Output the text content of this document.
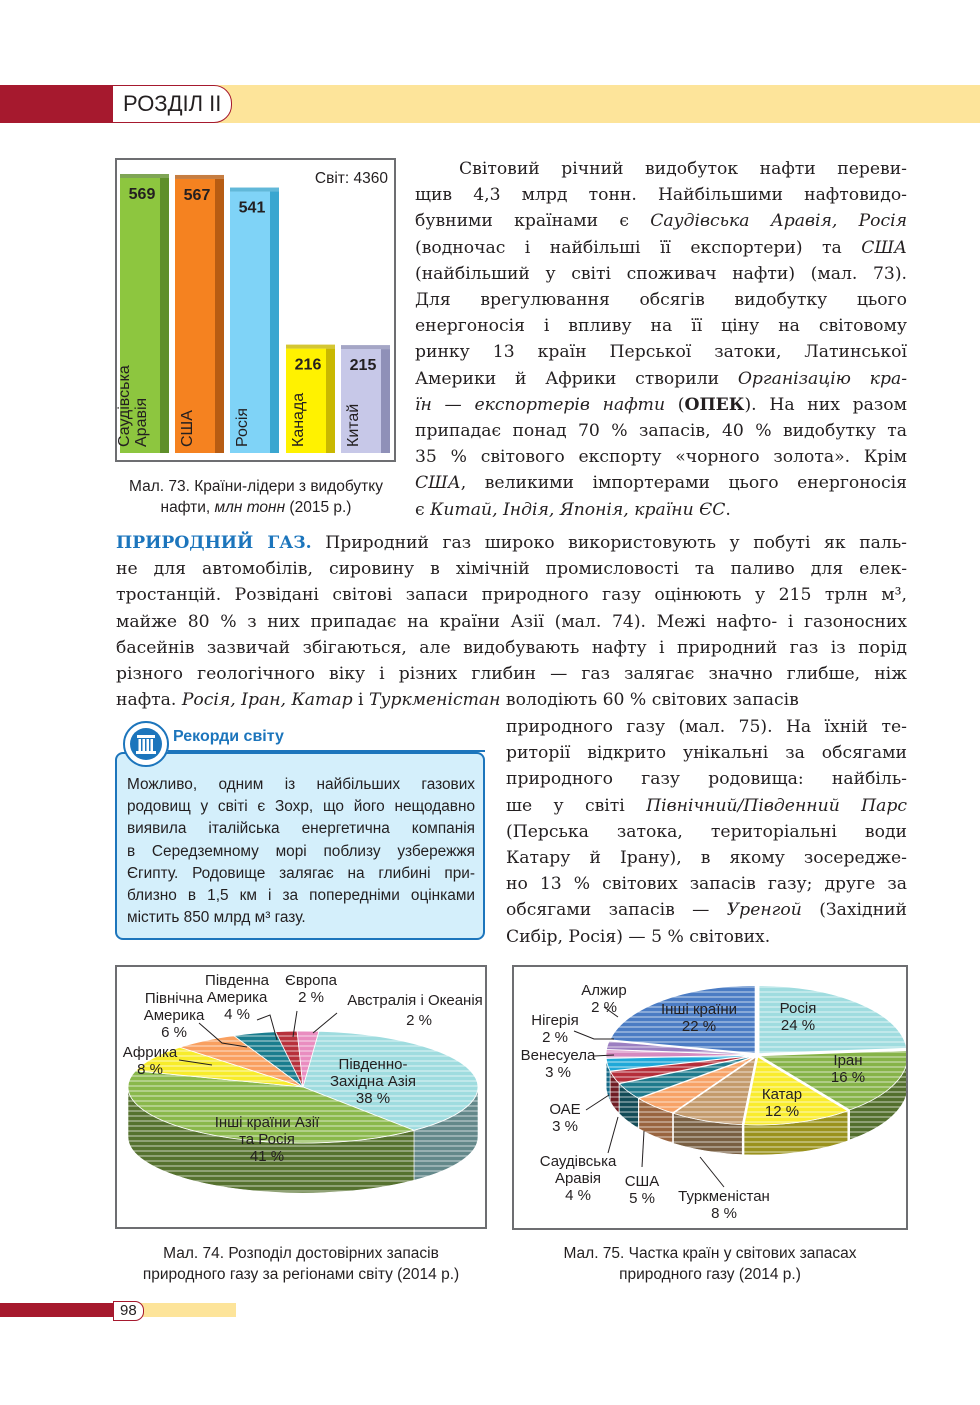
РОЗДІЛ ІІ
Світ: 4360
569
Саудівська Аравія
567
США
541
Росія
216
Канада
215
Китай
Мал. 73. Країни-лідери з видобутку
нафти, млн тонн (2015 р.)
Світовий річний видобуток нафти переви-
щив 4,3 млрд тонн. Найбільшими нафтовидо-
бувними країнами є Саудівська Аравія, Росія
(водночас і найбільші її експортери) та США
(найбільший у світі споживач нафти) (мал. 73).
Для врегулювання обсягів видобутку цього
енергоносія і впливу на її ціну на світовому
ринку 13 країн Перської затоки, Латинської
Америки й Африки створили Організацію кра-
їн — експортерів нафти (ОПЕК). На них разом
припадає понад 70 % запасів, 40 % видобутку та
35 % світового експорту «чорного золота». Крім
США, великими імпортерами цього енергоносія
є Китай, Індія, Японія, країни ЄС.
ПРИРОДНИЙ ГАЗ. Природний газ широко використовують у побуті як паль-
не для автомобілів, сировину в хімічній промисловості та паливо для елек-
тростанцій. Розвідані світові запаси природного газу оцінюють у 215 трлн м³,
майже 80 % з них припадає на країни Азії (мал. 74). Межі нафто- і газоносних
басейнів зазвичай збігаються, але видобувають нафту і природний газ із порід
різного геологічного віку і різних глибин — газ залягає значно глибше, ніж
нафта. Росія, Іран, Катар і Туркменістан володіють 60 % світових запасів
природного газу (мал. 75). На їхній те-
риторії відкрито унікальні за обсягами
природного газу родовища: найбіль-
ше у світі Північний/Південний Парс
(Перська затока, територіальні води
Катару й Ірану), в якому зосередже-
но 13 % світових запасів газу; друге за
обсягами запасів — Уренгой (Західний
Сибір, Росія) — 5 % світових.
Рекорди світу
Можливо, одним із найбільших газових
родовищ у світі є Зохр, що його нещодавно
виявила італійська енергетична компанія
в Середземному морі поблизу узбережжя
Єгипту. Родовище залягає на глибині при-
близно в 1,5 км і за попередніми оцінками
містить 850 млрд м³ газу.
Південно-
Західна Азія
38 %
Інші країни Азії
та Росія
41 %
Африка
8 %
Північна
Америка
6 %
Південна
Америка
4 %
Європа
2 % Австралія і Океанія
2 %
Мал. 74. Розподіл достовірних запасів
природного газу за регіонами світу (2014 р.)
Росія
24 %
Іран
16 %
Катар
12 %
Туркменістан
8 %
США
5 %
Саудівська
Аравія
4 %
ОАЕ
3 %
Венесуела
3 %
Нігерія
2 %
Алжир
2 %	Інші країни
22 %
Мал. 75. Частка країн у світових запасах
природного газу (2014 р.)
98
